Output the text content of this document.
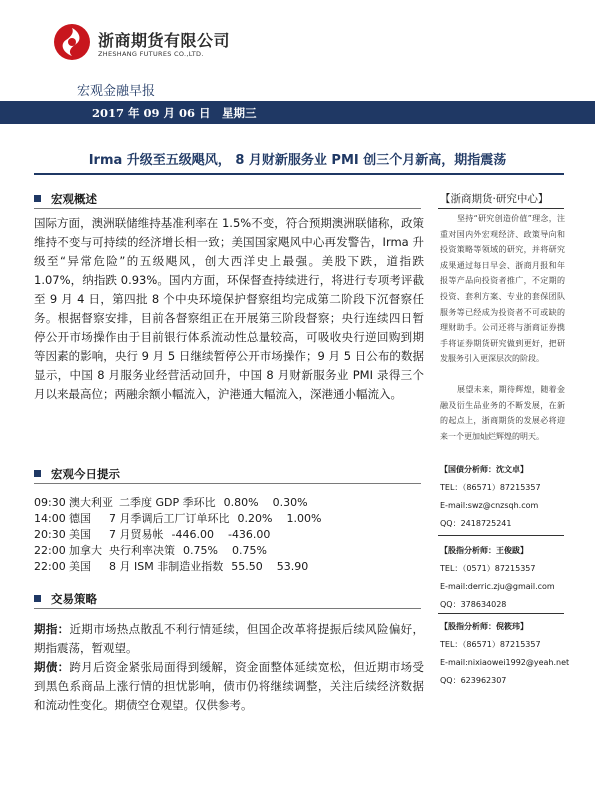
浙商期货有限公司
ZHESHANG FUTURES CO.,LTD.
宏观金融早报
2017 年 09 月 06 日　星期三
Irma 升级至五级飓风， 8 月财新服务业 PMI 创三个月新高，期指震荡
宏观概述
国际方面，澳洲联储维持基准利率在 1.5%不变，符合预期澳洲联储称，政策维持不变与可持续的经济增长相一致；美国国家飓风中心再发警告，Irma 升级至“异常危险”的五级飓风，创大西洋史上最强。美股下跌，道指跌 1.07%，纳指跌 0.93%。国内方面，环保督查持续进行，将进行专项考评截至 9 月 4 日，第四批 8 个中央环境保护督察组均完成第二阶段下沉督察任务。根据督察安排，目前各督察组正在开展第三阶段督察；央行连续四日暂停公开市场操作由于目前银行体系流动性总量较高，可吸收央行逆回购到期等因素的影响，央行 9 月 5 日继续暂停公开市场操作；9 月 5 日公布的数据显示，中国 8 月服务业经营活动回升，中国 8 月财新服务业 PMI 录得三个月以来最高位；两融余额小幅流入，沪港通大幅流入，深港通小幅流入。
宏观今日提示
09:30 澳大利亚 二季度 GDP 季环比 0.80% 0.30%
14:00 德国 7 月季调后工厂订单环比 0.20% 1.00%
20:30 美国 7 月贸易帐 -446.00 -436.00
22:00 加拿大 央行利率决策 0.75% 0.75%
22:00 美国 8 月 ISM 非制造业指数 55.50 53.90
交易策略
期指：近期市场热点散乱不利行情延续，但国企改革将提振后续风险偏好，期指震荡，暂观望。
期债：跨月后资金紧张局面得到缓解，资金面整体延续宽松，但近期市场受到黑色系商品上涨行情的担忧影响，债市仍将继续调整，关注后续经济数据和流动性变化。期债空仓观望。仅供参考。
【浙商期货·研究中心】
坚持“研究创造价值”理念，注重对国内外宏观经济、政策导向和投资策略等领域的研究，并将研究成果通过每日早会、浙商月报和年报等产品向投资者推广，不定期的投资、套利方案、专业的套保团队服务等已经成为投资者不可或缺的理财助手。公司还将与浙商证券携手将证券期货研究做到更好，把研发服务引入更深层次的阶段。
展望未来，期待辉煌，随着金融及衍生品业务的不断发展，在新的起点上，浙商期货的发展必将迎来一个更加灿烂辉煌的明天。
【国债分析师：沈文卓】
TEL：（86571）87215357
E-mail:swz@cnzsqh.com
QQ：2418725241
【股指分析师：王俊跋】
TEL：（0571）87215357
E-mail:derric.zju@gmail.com
QQ：378634028
【股指分析师：倪筱玮】
TEL：（86571）87215357
E-mail:nixiaowei1992@yeah.net
QQ：623962307
